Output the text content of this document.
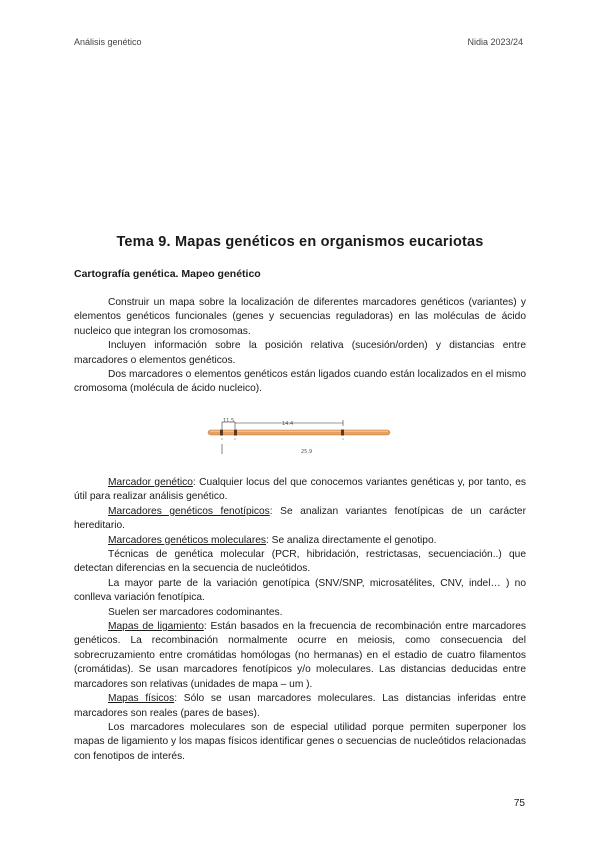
Análisis genético	Nidia 2023/24
Tema 9. Mapas genéticos en organismos eucariotas
Cartografía genética. Mapeo genético

Construir un mapa sobre la localización de diferentes marcadores genéticos (variantes) y elementos genéticos funcionales (genes y secuencias reguladoras) en las moléculas de ácido nucleico que integran los cromosomas.

Incluyen información sobre la posición relativa (sucesión/orden) y distancias entre marcadores o elementos genéticos.

Dos marcadores o elementos genéticos están ligados cuando están localizados en el mismo cromosoma (molécula de ácido nucleico).

11.5	14.4
25.9

Marcador genético: Cualquier locus del que conocemos variantes genéticas y, por tanto, es útil para realizar análisis genético.

Marcadores genéticos fenotípicos: Se analizan variantes fenotípicas de un carácter hereditario.

Marcadores genéticos moleculares: Se analiza directamente el genotipo.

Técnicas de genética molecular (PCR, hibridación, restrictasas, secuenciación..) que detectan diferencias en la secuencia de nucleótidos.

La mayor parte de la variación genotípica (SNV/SNP, microsatélites, CNV, indel… ) no conlleva variación fenotípica.

Suelen ser marcadores codominantes.

Mapas de ligamiento: Están basados en la frecuencia de recombinación entre marcadores genéticos. La recombinación normalmente ocurre en meiosis, como consecuencia del sobrecruzamiento entre cromátidas homólogas (no hermanas) en el estadio de cuatro filamentos (cromátidas). Se usan marcadores fenotípicos y/o moleculares. Las distancias deducidas entre marcadores son relativas (unidades de mapa – um ).

Mapas físicos: Sólo se usan marcadores moleculares. Las distancias inferidas entre marcadores son reales (pares de bases).

Los marcadores moleculares son de especial utilidad porque permiten superponer los mapas de ligamiento y los mapas físicos identificar genes o secuencias de nucleótidos relacionadas con fenotipos de interés.

75
